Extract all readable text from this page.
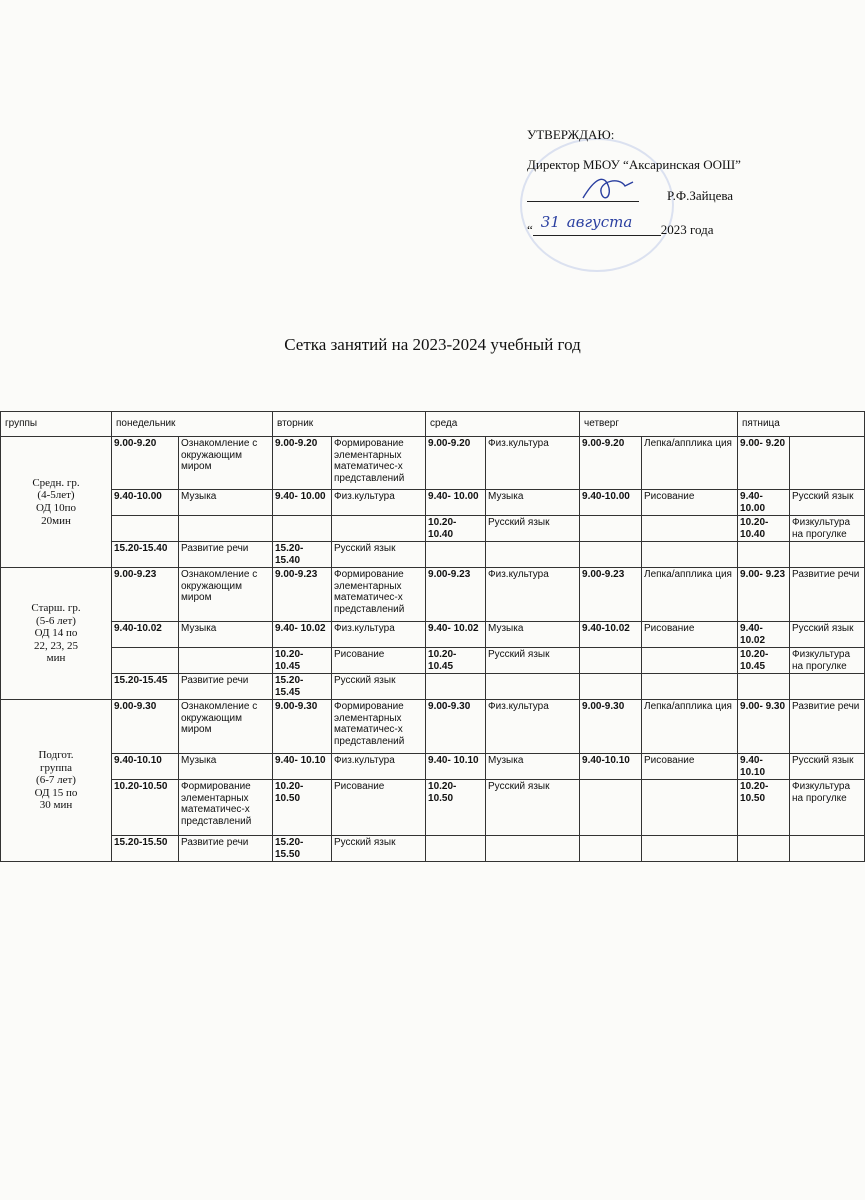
УТВЕРЖДАЮ:
Директор МБОУ “Аксаринская ООШ”
Р.Ф.Зайцева
“ 31 августа 2023 года
Сетка занятий на 2023-2024 учебный год
группы	понедельник		вторник		среда		четверг		пятница	
Средн. гр.
(4-5лет)
ОД 10по
20мин	9.00-9.20	Ознакомление с окружающим миром	9.00-9.20	Формирование элементарных математичес-х представлений	9.00-9.20	Физ.культура	9.00-9.20	Лепка/апплика ция	9.00- 9.20	
	9.40-10.00	Музыка	9.40- 10.00	Физ.культура	9.40- 10.00	Музыка	9.40-10.00	Рисование	9.40- 10.00	Русский язык
					10.20- 10.40	Русский язык			10.20- 10.40	Физкультура на прогулке
	15.20-15.40	Развитие речи	15.20- 15.40	Русский язык						
Старш. гр.
(5-6 лет)
ОД 14 по
22, 23, 25
мин	9.00-9.23	Ознакомление с окружающим миром	9.00-9.23	Формирование элементарных математичес-х представлений	9.00-9.23	Физ.культура	9.00-9.23	Лепка/апплика ция	9.00- 9.23	Развитие речи
	9.40-10.02	Музыка	9.40- 10.02	Физ.культура	9.40- 10.02	Музыка	9.40-10.02	Рисование	9.40- 10.02	Русский язык
			10.20- 10.45	Рисование	10.20- 10.45	Русский язык			10.20- 10.45	Физкультура на прогулке
	15.20-15.45	Развитие речи	15.20- 15.45	Русский язык						
Подгот.
группа
(6-7 лет)
ОД 15 по
30 мин	9.00-9.30	Ознакомление с окружающим миром	9.00-9.30	Формирование элементарных математичес-х представлений	9.00-9.30	Физ.культура	9.00-9.30	Лепка/апплика ция	9.00- 9.30	Развитие речи
	9.40-10.10	Музыка	9.40- 10.10	Физ.культура	9.40- 10.10	Музыка	9.40-10.10	Рисование	9.40- 10.10	Русский язык
	10.20-10.50	Формирование элементарных математичес-х представлений	10.20- 10.50	Рисование	10.20- 10.50	Русский язык			10.20- 10.50	Физкультура на прогулке
	15.20-15.50	Развитие речи	15.20- 15.50	Русский язык						
